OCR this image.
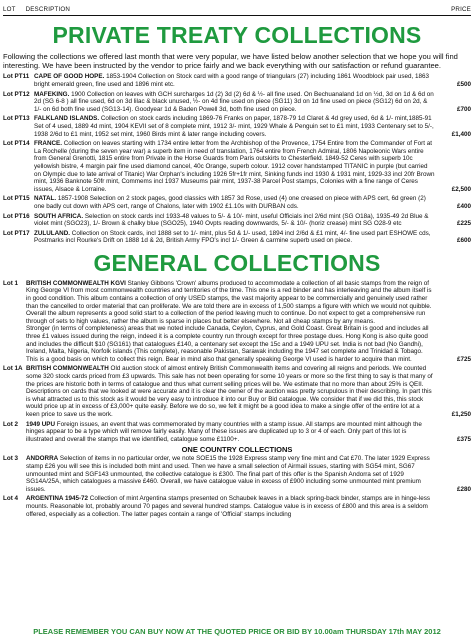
LOT DESCRIPTION	PRICE
PRIVATE TREATY COLLECTIONS
Following the collections we offered last month that were very popular, we have listed below another selection that we hope you will find interesting. We have been instructed by the vendor to price fairly and we back everything with our satisfaction or refund guarantee.
Lot PT11 CAPE OF GOOD HOPE. 1853-1904 Collection on Stock card with a good range of triangulars (27) including 1861 Woodblock pair used, 1863 bright emerald green, fine used and 1896 mint etc.	£500
Lot PT12 MAFEKING. 1900 Collection on leaves with GCH surcharges 1d (2) 3d (2) 6d & ½- all fine used. On Bechuanaland 1d on ½d, 3d on 1d & 6d on 2d (SG 6-8 ) all fine used, 6d on 3d lilac & black unused, ½- on 4d fine used on piece (SG11) 3d on 1d fine used on piece (SG12) 6d on 2d, & 1/- on 6d both fine used (SG13-14). Goodyear 1d & Baden Powell 3d, both fine used on piece.	£700
Lot PT13 FALKLAND ISLANDS. Collection on stock cards including 1869-76 Franks on paper, 1878-79 1d Claret & 4d grey used, 6d & 1/- mint,1885-91 Set of 4 used, 1889 4d mint, 1904 KEVII set of 8 complete mint, 1912 3/- mint, 1929 Whale & Penguin set to £1 mint, 1933 Centenary set to 5/-, 1938 2/6d to £1 mint, 1952 set mint, 1960 Birds mint & later range including covers.	£1,400
Lot PT14 FRANCE. Collection on leaves starting with 1734 entire letter from the Archbishop of the Provence, 1754 Entire from the Commander of Fort at La Rochelle (during the seven year war) a superb item in need of translation, 1764 entire from French Admiral, 1806 Napoleonic Wars entire from General Grenotti, 1815 entire from Private in the Horse Guards from Paris outskirts to Chesterfield. 1849-52 Ceres with superb 10c yellowish bistre, 4 margin pair fine used diamond cancel, 40c Orange, superb colour. 1912 cover handstamped TITANIC in purple (but carried on Olympic due to late arrival of Titanic) War Orphan's including 1926 5fr+1fr mint, Sinking funds incl 1930 & 1931 mint, 1929-33 incl 20fr Brown mint, 1936 Banknote 50fr mint, Commems incl 1937 Museums pair mint, 1937-38 Parcel Post stamps, Colonies with a fine range of Ceres issues, Alsace & Lorraine.	£2,500
Lot PT15 NATAL. 1857-1908 Selection on 2 stock pages, good classics with 1857 3d Rose, used (4) one creased on piece with APS cert, 6d green (2) one badly cut down with APS cert, range of Chalons, later with 1902 £1.10s with DURBAN cds.	£400
Lot PT16 SOUTH AFRICA. Selection on stock cards incl 1933-48 values to 5/- & 10/- mint, useful Officials incl 2/6d mint (SG O18a), 1935-49 2d Blue & violet mint (SGO23), 1/- Brown & chalky blue (SGO25), 1940 Ovpts reading downwards, 5/- & 10/- (horiz crease) mint SG O28-9 etc	£225
Lot PT17 ZULULAND. Collection on Stock cards, incl 1888 set to 1/- mint, plus 5d & 1/- used, 1894 incl 2/6d & £1 mint, 4/- fine used part ESHOWE cds, Postmarks incl Rourke's Drift on 1888 1d & 2d, British Army FPO's incl 1/- Green & carmine superb used on piece.	£600
GENERAL COLLECTIONS
Lot 1	BRITISH COMMONWEALTH KGVI Stanley Gibbons 'Crown' albums produced to accommodate a collection of all basic stamps from the reign of King George VI from most commonwealth countries and territories of the time. This one is a red binder and has interleaving and the album itself is in good condition. This album contains a collection of only USED stamps, the vast majority appear to be commercially and genuinely used rather than the cancelled to order material that can proliferate. We are told there are in excess of 1,500 stamps a figure with which we would not quibble.
Overall the album represents a good solid start to a collection of the period leaving much to continue. Do not expect to get a comprehensive run through of sets to high values, rather the album is sparse in places but better elsewhere. Not all cheap stamps by any means.
Stronger (in terms of completeness) areas that we noted include Canada, Ceylon, Cyprus, and Gold Coast. Great Britain is good and includes all three £1 values issued during the reign, indeed it is a complete country run through except for three postage dues. Hong Kong is also quite good and includes the difficult $10 (SG161) that catalogues £140, a centenary set except the 15c and a 1949 UPU set. India is not bad (No Gandhi), Ireland, Malta, Nigeria, Norfolk islands (This complete), reasonable Pakistan, Sarawak including the 1947 set complete and Trinidad & Tobago. This is a good basis on which to collect this reign. Bear in mind also that generally speaking George VI used is harder to acquire than mint.	£725
Lot 1A BRITISH COMMONWEALTH Old auction stock of almost entirely British Commonwealth items and covering all reigns and periods. We counted some 320 stock cards priced from £3 upwards. This sale has not been operating for some 10 years or more so the first thing to say is that many of the prices are historic both in terms of catalogue and thus what current selling prices will be. We estimate that no more than about 25% is QEII. Descriptions on cards that we looked at were accurate and it is clear the owner of the auction was pretty scrupulous in their describing. In part this is what attracted us to this stock as it would be very easy to introduce it into our Buy or Bid catalogue. We consider that if we did this, this stock would price up at in excess of £3,000+ quite easily. Before we do so, we felt it might be a good idea to make a single offer of the entire lot at a keen price to save us the work.	£1,250
Lot 2	1949 UPU Foreign issues, an event that was commemorated by many countries with a stamp issue. All stamps are mounted mint although the hinges appear to be a type which will remove fairly easily. Many of these issues are duplicated up to 3 or 4 of each. Only part of this lot is illustrated and overall the stamps that we identified, catalogue some £1100+.	£375
ONE COUNTRY COLLECTIONS
Lot 3	ANDORRA Selection of items in no particular order, we note SOE15 the 1928 Express stamp very fine mint and Cat £70. The later 1929 Express stamp £26 you will see this is included both mint and used. Then we have a small selection of Airmail issues, starting with SG54 mint, SG67 unmounted mint and SGF143 unmounted, the collective catalogue is £300. The final part of this offer is the Spanish Andorra set of 1929 SG14A/25A, which catalogues a massive £460. Overall, we have catalogue value in excess of £900 including some unmounted mint premium issues.	£280
Lot 4	ARGENTINA 1945-72 Collection of mint Argentina stamps presented on Schaubek leaves in a black spring-back binder, stamps are in hinge-less mounts. Reasonable lot, probably around 70 pages and several hundred stamps. Catalogue value is in excess of £800 and this area is a seldom offered, especially as a collection. The latter pages contain a range of 'Official' stamps including
PLEASE REMEMBER YOU CAN BUY NOW AT THE QUOTED PRICE OR BID BY 10.00am THURSDAY 17th MAY 2012
